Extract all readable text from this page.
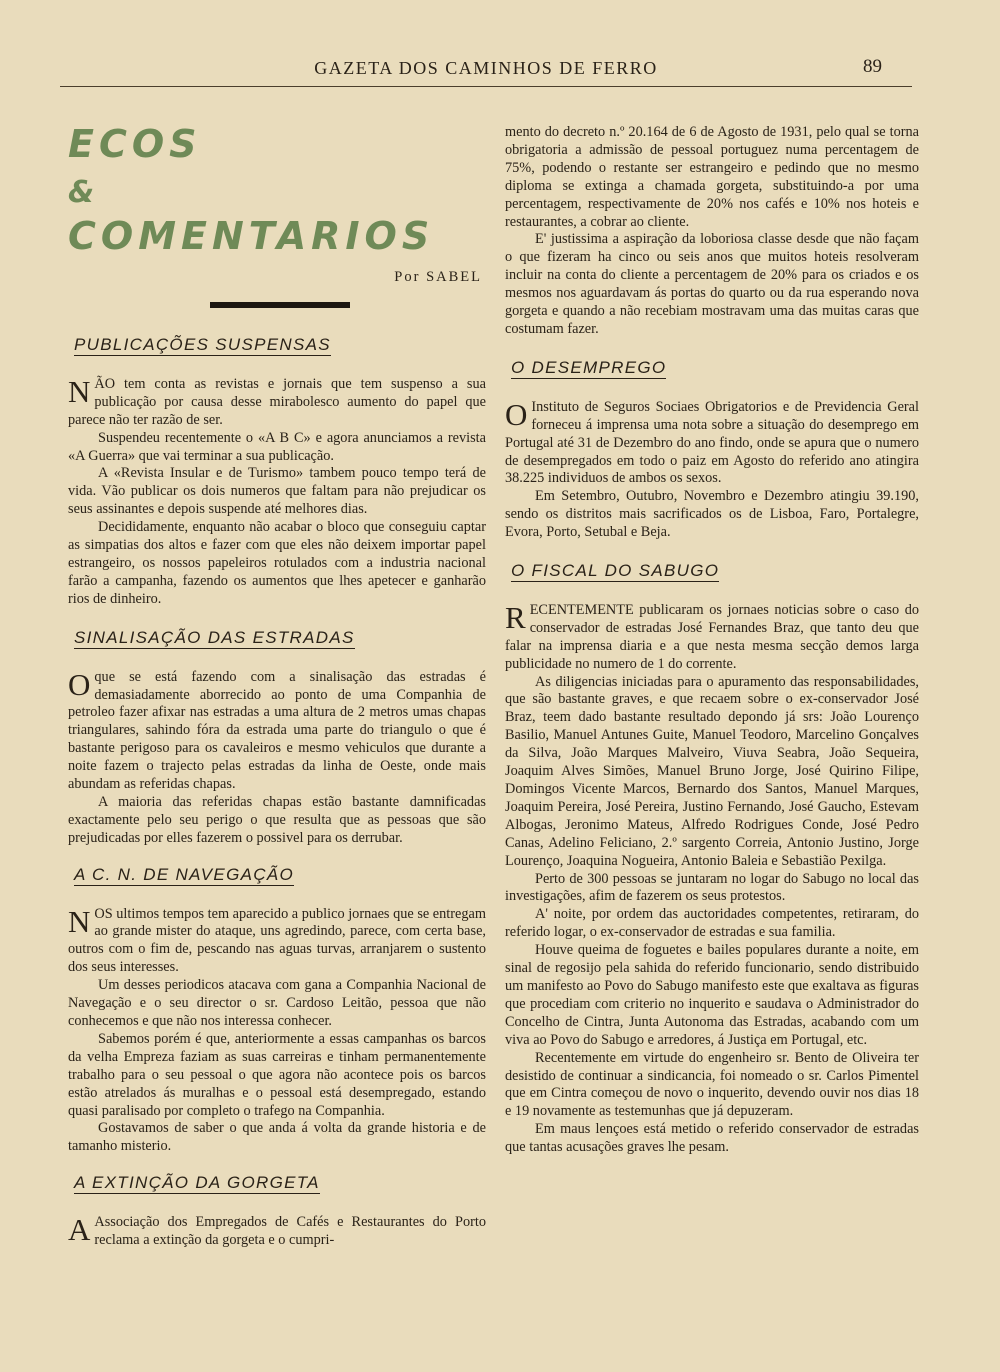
GAZETA DOS CAMINHOS DE FERRO	89
ECOS
&
COMENTARIOS
Por SABEL
PUBLICAÇÕES SUSPENSAS

NÃO tem conta as revistas e jornais que tem suspenso a sua publicação por causa desse mirabolesco aumento do papel que parece não ter razão de ser.

Suspendeu recentemente o «A B C» e agora anunciamos a revista «A Guerra» que vai terminar a sua publicação.

A «Revista Insular e de Turismo» tambem pouco tempo terá de vida. Vão publicar os dois numeros que faltam para não prejudicar os seus assinantes e depois suspende até melhores dias.

Decididamente, enquanto não acabar o bloco que conseguiu captar as simpatias dos altos e fazer com que eles não deixem importar papel estrangeiro, os nossos papeleiros rotulados com a industria nacional farão a campanha, fazendo os aumentos que lhes apetecer e ganharão rios de dinheiro.

SINALISAÇÃO DAS ESTRADAS

Oque se está fazendo com a sinalisação das estradas é demasiadamente aborrecido ao ponto de uma Companhia de petroleo fazer afixar nas estradas a uma altura de 2 metros umas chapas triangulares, sahindo fóra da estrada uma parte do triangulo o que é bastante perigoso para os cavaleiros e mesmo vehiculos que durante a noite fazem o trajecto pelas estradas da linha de Oeste, onde mais abundam as referidas chapas.

A maioria das referidas chapas estão bastante damnificadas exactamente pelo seu perigo o que resulta que as pessoas que são prejudicadas por elles fazerem o possivel para os derrubar.

A C. N. DE NAVEGAÇÃO

NOS ultimos tempos tem aparecido a publico jornaes que se entregam ao grande mister do ataque, uns agredindo, parece, com certa base, outros com o fim de, pescando nas aguas turvas, arranjarem o sustento dos seus interesses.

Um desses periodicos atacava com gana a Companhia Nacional de Navegação e o seu director o sr. Cardoso Leitão, pessoa que não conhecemos e que não nos interessa conhecer.

Sabemos porém é que, anteriormente a essas campanhas os barcos da velha Empreza faziam as suas carreiras e tinham permanentemente trabalho para o seu pessoal o que agora não acontece pois os barcos estão atrelados ás muralhas e o pessoal está desempregado, estando quasi paralisado por completo o trafego na Companhia.

Gostavamos de saber o que anda á volta da grande historia e de tamanho misterio.

A EXTINÇÃO DA GORGETA

A Associação dos Empregados de Cafés e Restaurantes do Porto reclama a extinção da gorgeta e o cumpri-

mento do decreto n.º 20.164 de 6 de Agosto de 1931, pelo qual se torna obrigatoria a admissão de pessoal portuguez numa percentagem de 75%, podendo o restante ser estrangeiro e pedindo que no mesmo diploma se extinga a chamada gorgeta, substituindo-a por uma percentagem, respectivamente de 20% nos cafés e 10% nos hoteis e restaurantes, a cobrar ao cliente.

E' justissima a aspiração da loboriosa classe desde que não façam o que fizeram ha cinco ou seis anos que muitos hoteis resolveram incluir na conta do cliente a percentagem de 20% para os criados e os mesmos nos aguardavam ás portas do quarto ou da rua esperando nova gorgeta e quando a não recebiam mostravam uma das muitas caras que costumam fazer.

O DESEMPREGO

O Instituto de Seguros Sociaes Obrigatorios e de Previdencia Geral forneceu á imprensa uma nota sobre a situação do desemprego em Portugal até 31 de Dezembro do ano findo, onde se apura que o numero de desempregados em todo o paiz em Agosto do referido ano atingira 38.225 individuos de ambos os sexos.

Em Setembro, Outubro, Novembro e Dezembro atingiu 39.190, sendo os distritos mais sacrificados os de Lisboa, Faro, Portalegre, Evora, Porto, Setubal e Beja.

O FISCAL DO SABUGO

RECENTEMENTE publicaram os jornaes noticias sobre o caso do conservador de estradas José Fernandes Braz, que tanto deu que falar na imprensa diaria e a que nesta mesma secção demos larga publicidade no numero de 1 do corrente.

As diligencias iniciadas para o apuramento das responsabilidades, que são bastante graves, e que recaem sobre o ex-conservador José Braz, teem dado bastante resultado depondo já srs: João Lourenço Basilio, Manuel Antunes Guite, Manuel Teodoro, Marcelino Gonçalves da Silva, João Marques Malveiro, Viuva Seabra, João Sequeira, Joaquim Alves Simões, Manuel Bruno Jorge, José Quirino Filipe, Domingos Vicente Marcos, Bernardo dos Santos, Manuel Marques, Joaquim Pereira, José Pereira, Justino Fernando, José Gaucho, Estevam Albogas, Jeronimo Mateus, Alfredo Rodrigues Conde, José Pedro Canas, Adelino Feliciano, 2.º sargento Correia, Antonio Justino, Jorge Lourenço, Joaquina Nogueira, Antonio Baleia e Sebastião Pexilga.

Perto de 300 pessoas se juntaram no logar do Sabugo no local das investigações, afim de fazerem os seus protestos.

A' noite, por ordem das auctoridades competentes, retiraram, do referido logar, o ex-conservador de estradas e sua familia.

Houve queima de foguetes e bailes populares durante a noite, em sinal de regosijo pela sahida do referido funcionario, sendo distribuido um manifesto ao Povo do Sabugo manifesto este que exaltava as figuras que procediam com criterio no inquerito e saudava o Administrador do Concelho de Cintra, Junta Autonoma das Estradas, acabando com um viva ao Povo do Sabugo e arredores, á Justiça em Portugal, etc.

Recentemente em virtude do engenheiro sr. Bento de Oliveira ter desistido de continuar a sindicancia, foi nomeado o sr. Carlos Pimentel que em Cintra começou de novo o inquerito, devendo ouvir nos dias 18 e 19 novamente as testemunhas que já depuzeram.

Em maus lençoes está metido o referido conservador de estradas que tantas acusações graves lhe pesam.
